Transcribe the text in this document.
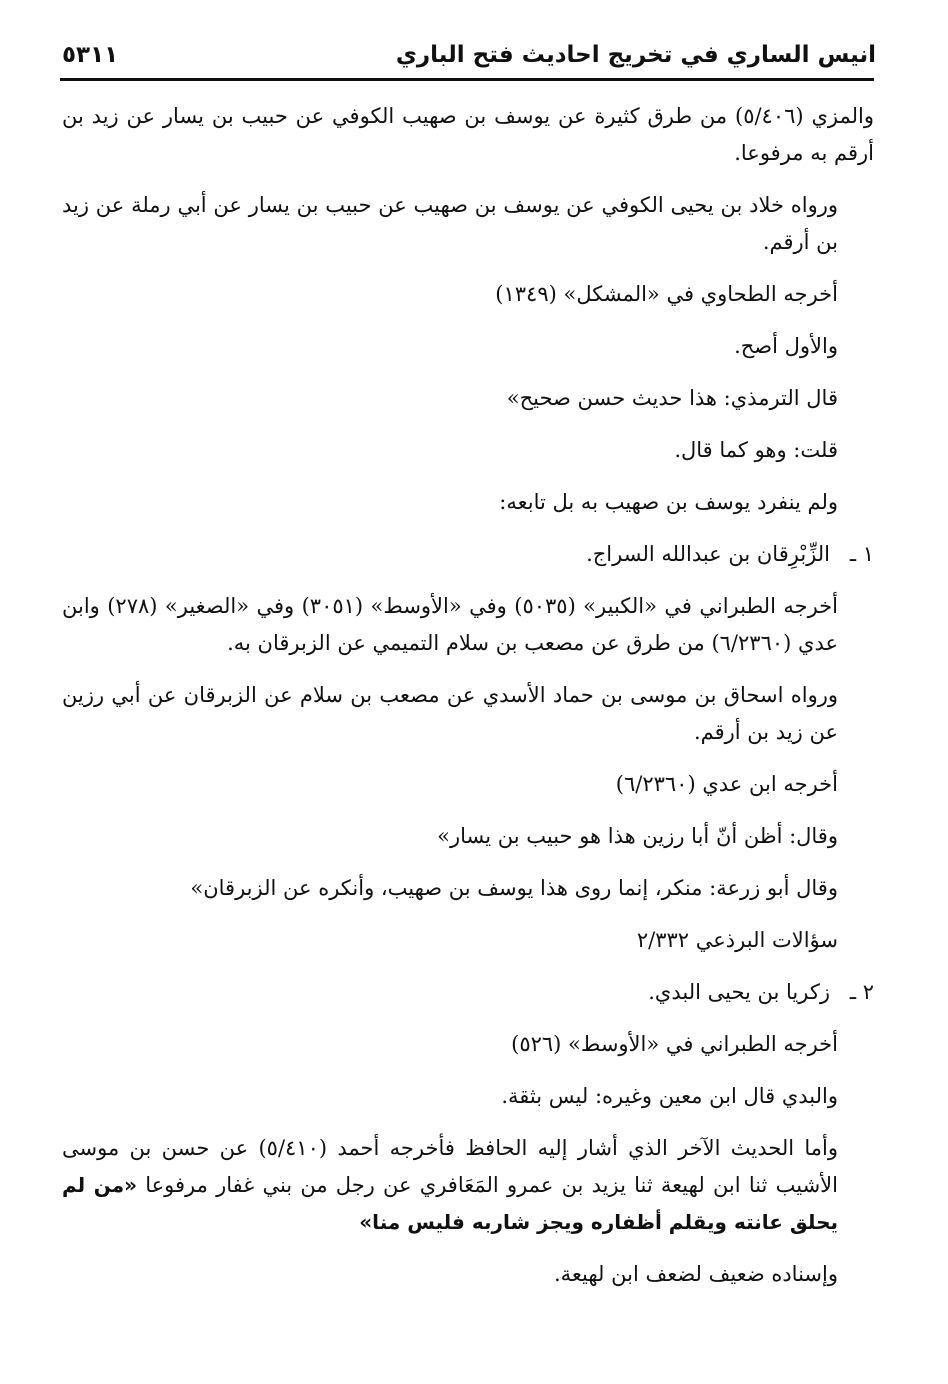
انيس الساري في تخريج احاديث فتح الباري
٥٣١١

والمزي (٥/٤٠٦) من طرق كثيرة عن يوسف بن صهيب الكوفي عن حبيب بن يسار عن زيد بن أرقم به مرفوعا.

ورواه خلاد بن يحيى الكوفي عن يوسف بن صهيب عن حبيب بن يسار عن أبي رملة عن زيد بن أرقم.

أخرجه الطحاوي في «المشكل» (١٣٤٩)

والأول أصح.

قال الترمذي: هذا حديث حسن صحيح»

قلت: وهو كما قال.

ولم ينفرد يوسف بن صهيب به بل تابعه:

١ ـالزِّبْرِقان بن عبدالله السراج.

أخرجه الطبراني في «الكبير» (٥٠٣٥) وفي «الأوسط» (٣٠٥١) وفي «الصغير» (٢٧٨) وابن عدي (٦/٢٣٦٠) من طرق عن مصعب بن سلام التميمي عن الزبرقان به.

ورواه اسحاق بن موسى بن حماد الأسدي عن مصعب بن سلام عن الزبرقان عن أبي رزين عن زيد بن أرقم.

أخرجه ابن عدي (٦/٢٣٦٠)

وقال: أظن أنّ أبا رزين هذا هو حبيب بن يسار»

وقال أبو زرعة: منكر، إنما روى هذا يوسف بن صهيب، وأنكره عن الزبرقان»

سؤالات البرذعي ٢/٣٣٢

٢ ـزكريا بن يحيى البدي.

أخرجه الطبراني في «الأوسط» (٥٢٦)

والبدي قال ابن معين وغيره: ليس بثقة.

وأما الحديث الآخر الذي أشار إليه الحافظ فأخرجه أحمد (٥/٤١٠) عن حسن بن موسى الأشيب ثنا ابن لهيعة ثنا يزيد بن عمرو المَعَافري عن رجل من بني غفار مرفوعا «من لم يحلق عانته ويقلم أظفاره ويجز شاربه فليس منا»

وإسناده ضعيف لضعف ابن لهيعة.
